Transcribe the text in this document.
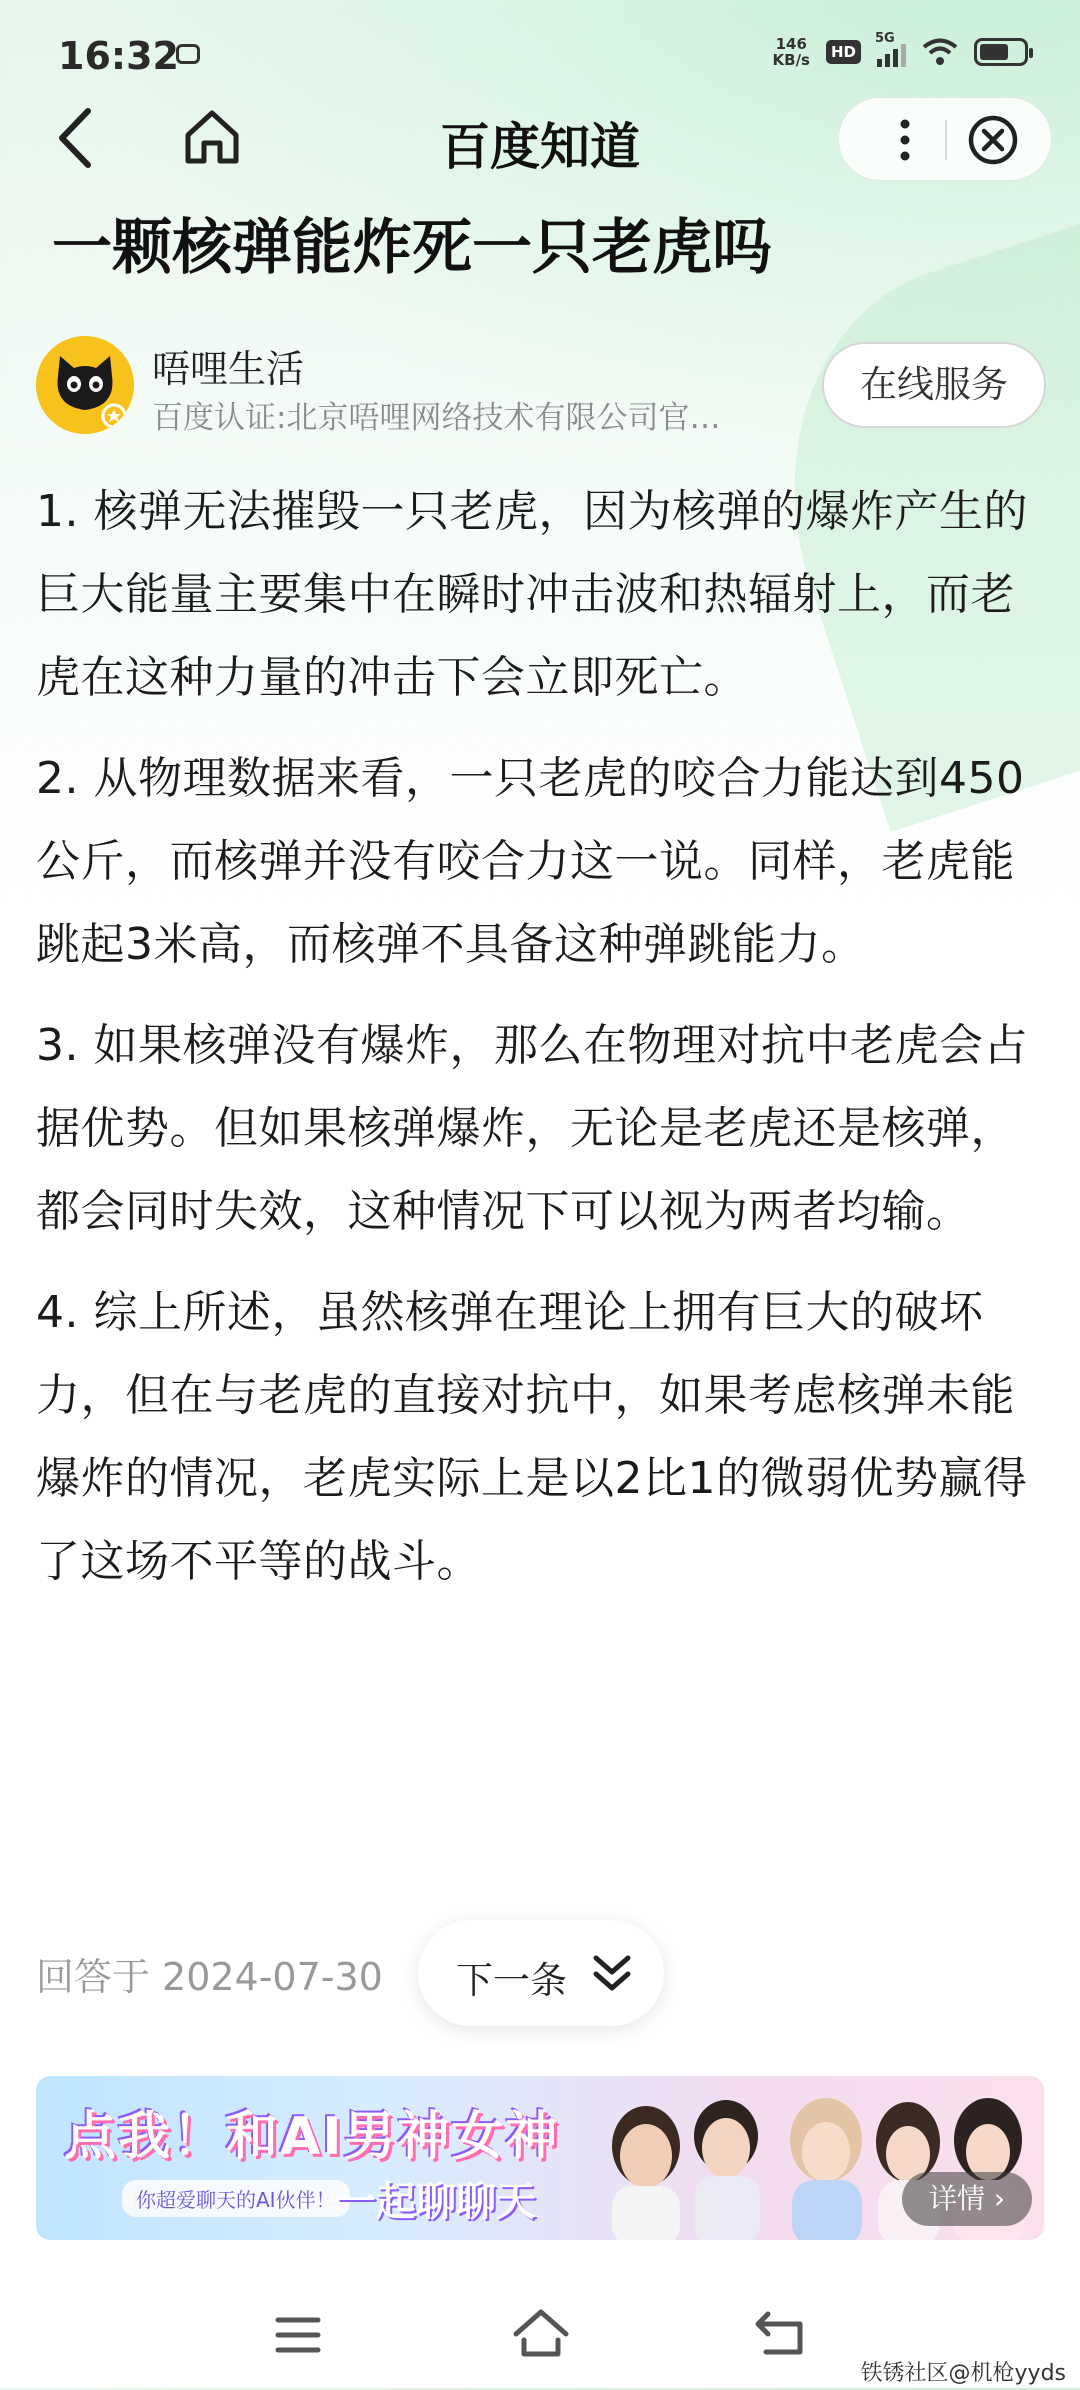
16:32	146
KB/s	HD
5G
百度知道
一颗核弹能炸死一只老虎吗
唔哩生活
百度认证:北京唔哩网络技术有限公司官…
在线服务

1. 核弹无法摧毁一只老虎，因为核弹的爆炸产生的巨大能量主要集中在瞬时冲击波和热辐射上，而老虎在这种力量的冲击下会立即死亡。

2. 从物理数据来看，一只老虎的咬合力能达到450公斤，而核弹并没有咬合力这一说。同样，老虎能跳起3米高，而核弹不具备这种弹跳能力。

3. 如果核弹没有爆炸，那么在物理对抗中老虎会占据优势。但如果核弹爆炸，无论是老虎还是核弹，都会同时失效，这种情况下可以视为两者均输。

4. 综上所述，虽然核弹在理论上拥有巨大的破坏力，但在与老虎的直接对抗中，如果考虑核弹未能爆炸的情况，老虎实际上是以2比1的微弱优势赢得了这场不平等的战斗。

回答于 2024-07-30 下一条
点我！和AI男神女神
你超爱聊天的AI伙伴！ 一起聊聊天	详情 ›
铁锈社区@机枪yyds
